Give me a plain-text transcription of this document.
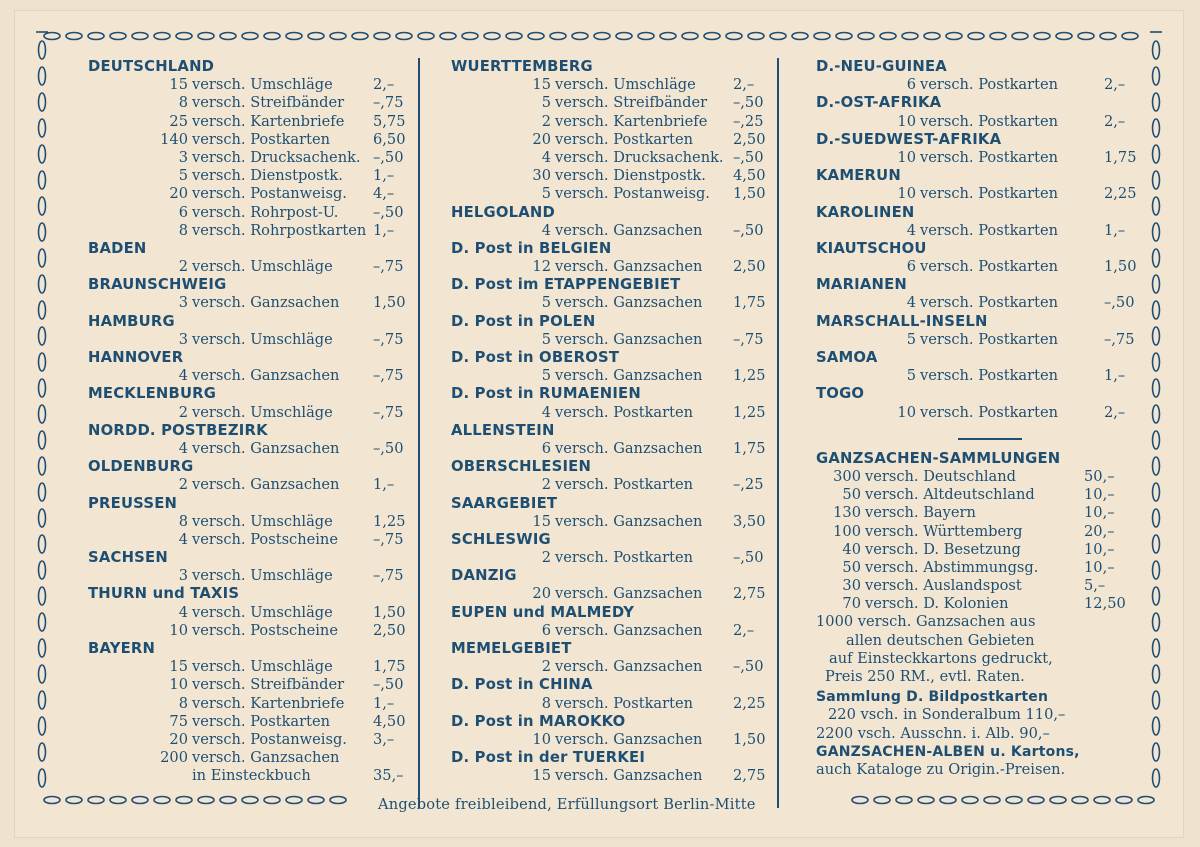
DEUTSCHLAND
15 versch. Umschläge	2,–
8 versch. Streifbänder –,75
25 versch. Kartenbriefe 5,75
140 versch. Postkarten	6,50
3 versch. Drucksachenk. –,50
5 versch. Dienstpostk. 1,–
20 versch. Postanweisg. 4,–
6 versch. Rohrpost-U. –,50
8 versch. Rohrpostkarten 1,–
BADEN
2 versch. Umschläge	–,75
BRAUNSCHWEIG
3 versch. Ganzsachen 1,50
HAMBURG
3 versch. Umschläge	–,75
HANNOVER
4 versch. Ganzsachen –,75
MECKLENBURG
2 versch. Umschläge	–,75
NORDD. POSTBEZIRK
4 versch. Ganzsachen –,50
OLDENBURG
2 versch. Ganzsachen 1,–
PREUSSEN
8 versch. Umschläge	1,25
4 versch. Postscheine –,75
SACHSEN
3 versch. Umschläge	–,75
THURN und TAXIS
4 versch. Umschläge	1,50
10 versch. Postscheine 2,50
BAYERN
15 versch. Umschläge	1,75
10 versch. Streifbänder –,50
8 versch. Kartenbriefe 1,–
75 versch. Postkarten	4,50
20 versch. Postanweisg. 3,–
200 versch. Ganzsachen
in Einsteckbuch	35,–
WUERTTEMBERG
15 versch. Umschläge	2,–
5 versch. Streifbänder –,50
2 versch. Kartenbriefe –,25
20 versch. Postkarten	2,50
4 versch. Drucksachenk. –,50
30 versch. Dienstpostk. 4,50
5 versch. Postanweisg. 1,50
HELGOLAND
4 versch. Ganzsachen –,50
D. Post in BELGIEN
12 versch. Ganzsachen 2,50
D. Post im ETAPPENGEBIET
5 versch. Ganzsachen 1,75
D. Post in POLEN
5 versch. Ganzsachen –,75
D. Post in OBEROST
5 versch. Ganzsachen 1,25
D. Post in RUMAENIEN
4 versch. Postkarten	1,25
ALLENSTEIN
6 versch. Ganzsachen 1,75
OBERSCHLESIEN
2 versch. Postkarten	–,25
SAARGEBIET
15 versch. Ganzsachen 3,50
SCHLESWIG
2 versch. Postkarten	–,50
DANZIG
20 versch. Ganzsachen 2,75
EUPEN und MALMEDY
6 versch. Ganzsachen 2,–
MEMELGEBIET
2 versch. Ganzsachen –,50
D. Post in CHINA
8 versch. Postkarten	2,25
D. Post in MAROKKO
10 versch. Ganzsachen 1,50
D. Post in der TUERKEI
15 versch. Ganzsachen 2,75
D.-NEU-GUINEA
6 versch. Postkarten	2,–
D.-OST-AFRIKA
10 versch. Postkarten	2,–
D.-SUEDWEST-AFRIKA
10 versch. Postkarten	1,75
KAMERUN
10 versch. Postkarten	2,25
KAROLINEN
4 versch. Postkarten	1,–
KIAUTSCHOU
6 versch. Postkarten	1,50
MARIANEN
4 versch. Postkarten	–,50
MARSCHALL-INSELN
5 versch. Postkarten	–,75
SAMOA
5 versch. Postkarten	1,–
TOGO
10 versch. Postkarten	2,–
GANZSACHEN-SAMMLUNGEN
300 versch. Deutschland	50,–
50 versch. Altdeutschland	10,–
130 versch. Bayern	10,–
100 versch. Württemberg	20,–
40 versch. D. Besetzung	10,–
50 versch. Abstimmungsg.	10,–
30 versch. Auslandspost	5,–
70 versch. D. Kolonien	12,50
1000 versch. Ganzsachen aus
allen deutschen Gebieten
auf Einsteckkartons gedruckt,
Preis 250 RM., evtl. Raten.
Sammlung D. Bildpostkarten
220 vsch. in Sonderalbum 110,–
2200 vsch. Ausschn. i. Alb. 90,–
GANZSACHEN-ALBEN u. Kartons,
auch Kataloge zu Origin.-Preisen.
Angebote freibleibend, Erfüllungsort Berlin-Mitte
